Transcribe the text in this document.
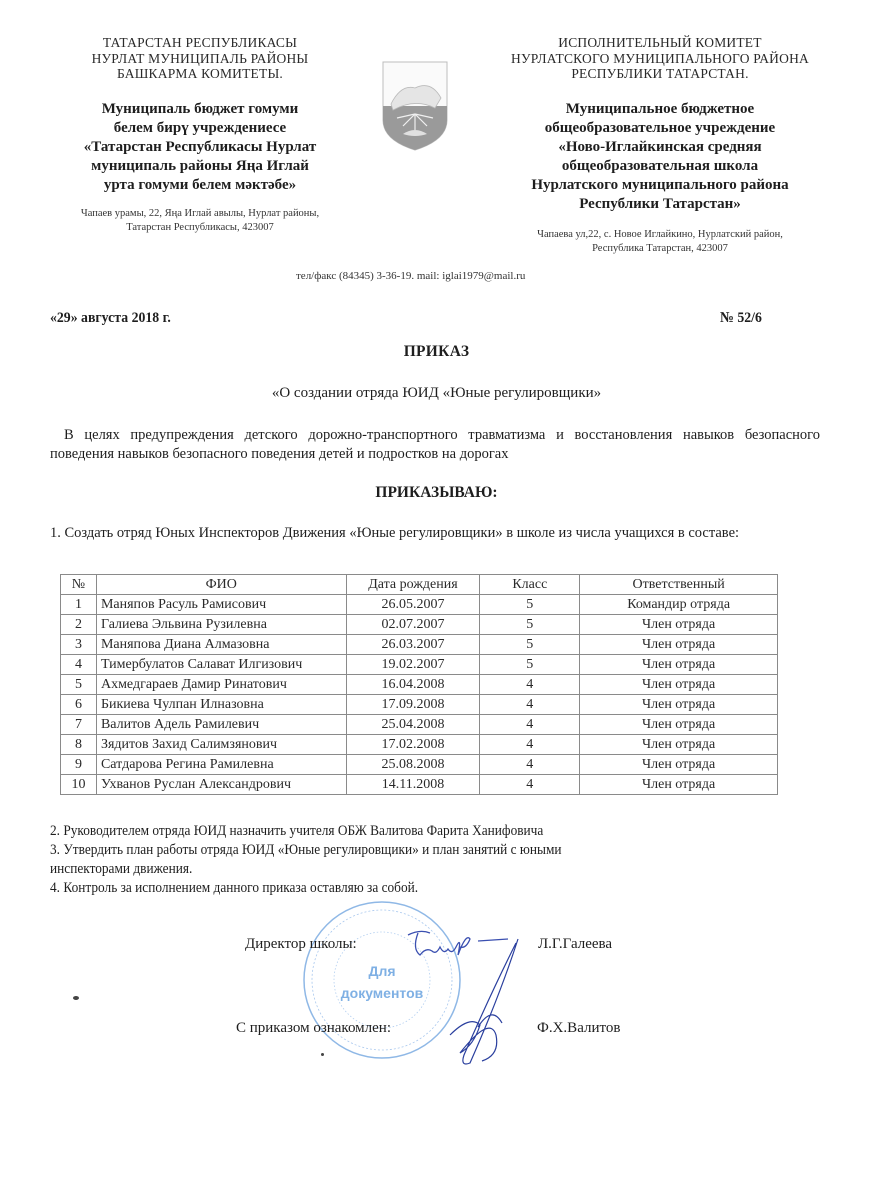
ТАТАРСТАН РЕСПУБЛИКАСЫ
НУРЛАТ МУНИЦИПАЛЬ РАЙОНЫ
БАШКАРМА КОМИТЕТЫ.
Муниципаль бюджет гомуми
белем бирү учреждениесе
«Татарстан Республикасы Нурлат
муниципаль районы Яңа Иглай
урта гомуми белем мәктәбе»
Чапаев урамы, 22, Яңа Иглай авылы, Нурлат районы,
Татарстан Республикасы, 423007
ИСПОЛНИТЕЛЬНЫЙ КОМИТЕТ
НУРЛАТСКОГО МУНИЦИПАЛЬНОГО РАЙОНА
РЕСПУБЛИКИ ТАТАРСТАН.
Муниципальное бюджетное
общеобразовательное учреждение
«Ново-Иглайкинская средняя
общеобразовательная школа
Нурлатского муниципального района
Республики Татарстан»
Чапаева ул,22, с. Новое Иглайкино, Нурлатский район,
Республика Татарстан, 423007
тел/факс (84345) 3-36-19. mail: iglai1979@mail.ru
«29» августа 2018 г.	№ 52/6
ПРИКАЗ
«О создании отряда ЮИД «Юные регулировщики»

В целях предупреждения детского дорожно-транспортного травматизма и восстановления навыков безопасного поведения навыков безопасного поведения детей и подростков на дорогах

ПРИКАЗЫВАЮ:
1. Создать отряд Юных Инспекторов Движения «Юные регулировщики» в школе из числа учащихся в составе:
№	ФИО	Дата рождения	Класс	Ответственный
1	Маняпов Расуль Рамисович	26.05.2007	5	Командир отряда
2	Галиева Эльвина Рузилевна	02.07.2007	5	Член отряда
3	Маняпова Диана Алмазовна	26.03.2007	5	Член отряда
4	Тимербулатов Салават Илгизович	19.02.2007	5	Член отряда
5	Ахмедгараев Дамир Ринатович	16.04.2008	4	Член отряда
6	Бикиева Чулпан Илназовна	17.09.2008	4	Член отряда
7	Валитов Адель Рамилевич	25.04.2008	4	Член отряда
8	Зядитов Захид Салимзянович	17.02.2008	4	Член отряда
9	Сатдарова Регина Рамилевна	25.08.2008	4	Член отряда
10	Ухванов Руслан Александрович	14.11.2008	4	Член отряда
2. Руководителем отряда ЮИД назначить учителя ОБЖ Валитова Фарита Ханифовича
3. Утвердить план работы отряда ЮИД «Юные регулировщики» и план занятий с юными
инспекторами движения.
4. Контроль за исполнением данного приказа оставляю за собой.
Для
документов
Директор школы:	Л.Г.Галеева
С приказом ознакомлен:	Ф.Х.Валитов
